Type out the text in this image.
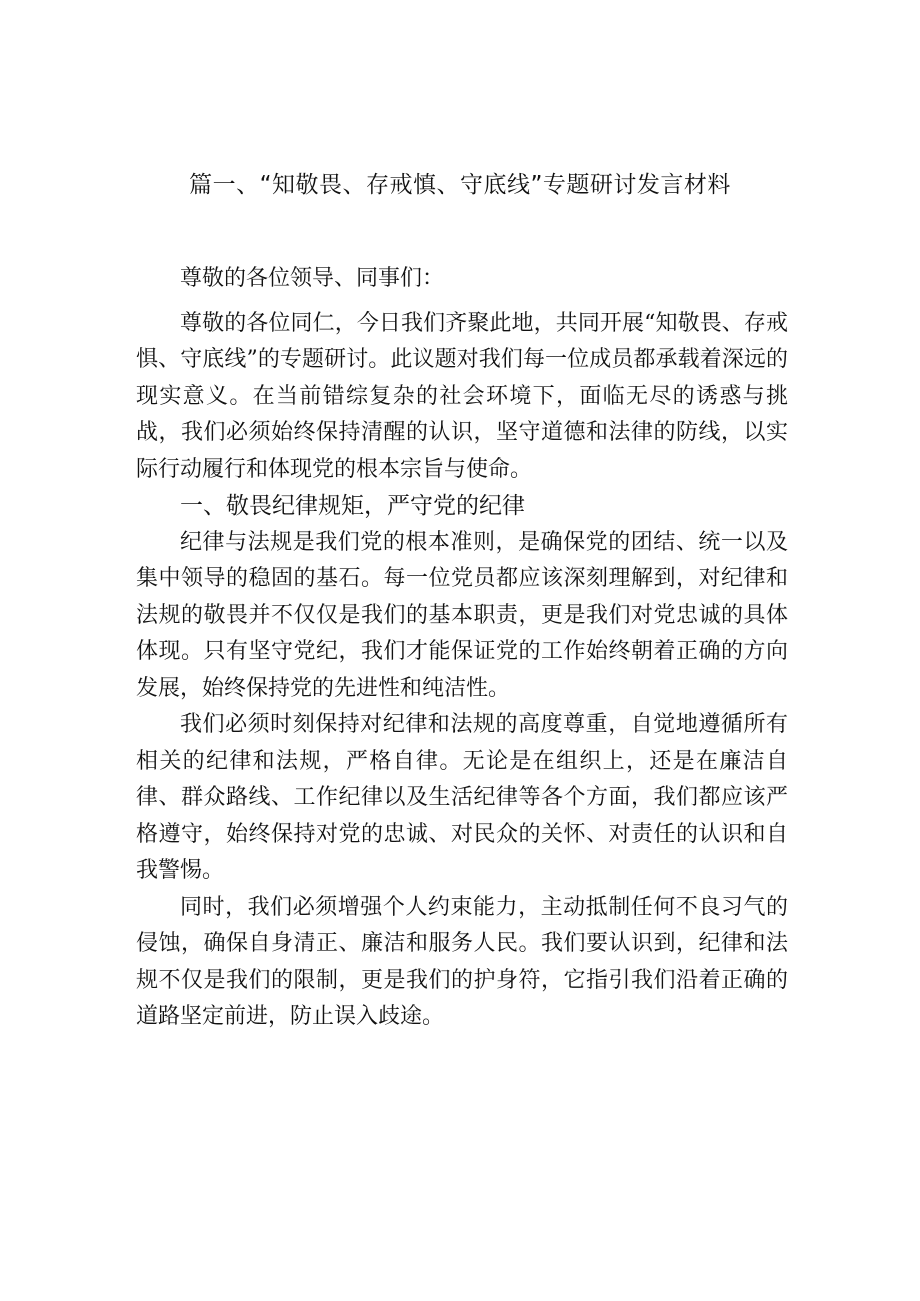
篇一、“知敬畏、存戒慎、守底线”专题研讨发言材料

尊敬的各位领导、同事们：

尊敬的各位同仁，今日我们齐聚此地，共同开展“知敬畏、存戒惧、守底线”的专题研讨。此议题对我们每一位成员都承载着深远的现实意义。在当前错综复杂的社会环境下，面临无尽的诱惑与挑战，我们必须始终保持清醒的认识，坚守道德和法律的防线，以实际行动履行和体现党的根本宗旨与使命。

一、敬畏纪律规矩，严守党的纪律

纪律与法规是我们党的根本准则，是确保党的团结、统一以及集中领导的稳固的基石。每一位党员都应该深刻理解到，对纪律和法规的敬畏并不仅仅是我们的基本职责，更是我们对党忠诚的具体体现。只有坚守党纪，我们才能保证党的工作始终朝着正确的方向发展，始终保持党的先进性和纯洁性。

我们必须时刻保持对纪律和法规的高度尊重，自觉地遵循所有相关的纪律和法规，严格自律。无论是在组织上，还是在廉洁自律、群众路线、工作纪律以及生活纪律等各个方面，我们都应该严格遵守，始终保持对党的忠诚、对民众的关怀、对责任的认识和自我警惕。

同时，我们必须增强个人约束能力，主动抵制任何不良习气的侵蚀，确保自身清正、廉洁和服务人民。我们要认识到，纪律和法规不仅是我们的限制，更是我们的护身符，它指引我们沿着正确的道路坚定前进，防止误入歧途。
